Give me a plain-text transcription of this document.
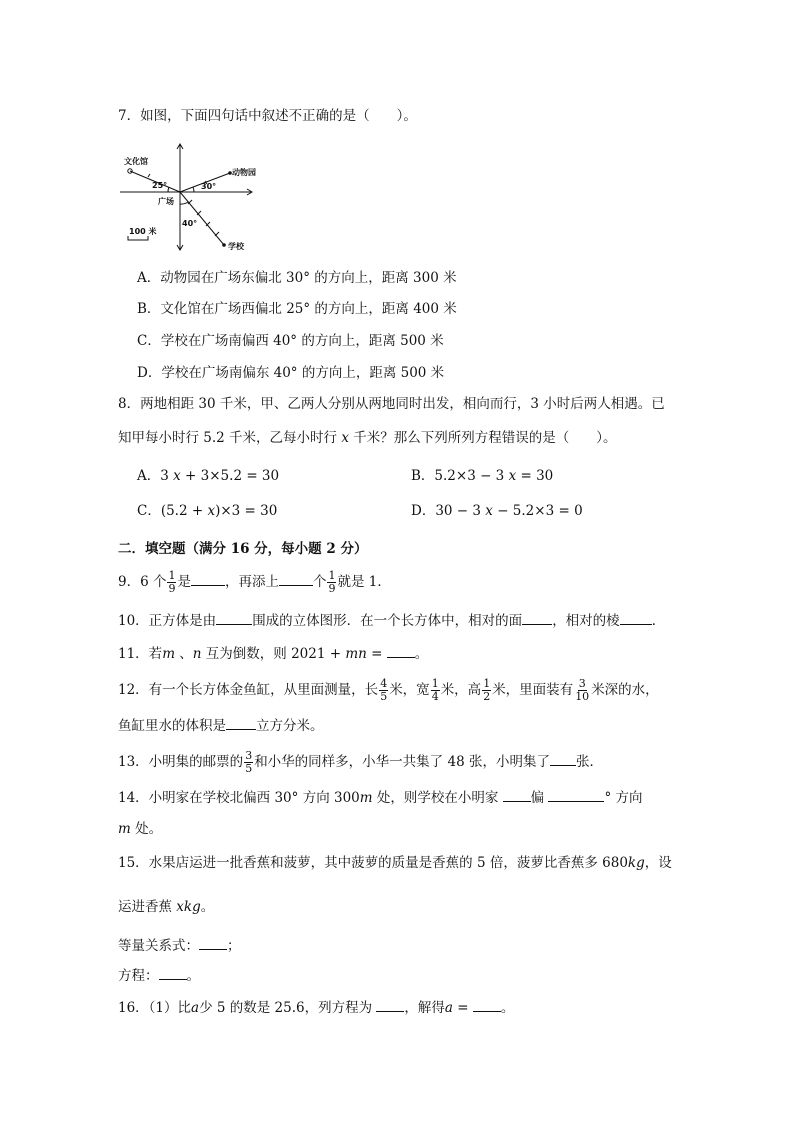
7．如图，下面四句话中叙述不正确的是（　　）。
文化馆
动物园
广场
学校
25°	30°
40°
100 米
A．动物园在广场东偏北 30° 的方向上，距离 300 米
B．文化馆在广场西偏北 25° 的方向上，距离 400 米
C．学校在广场南偏西 40° 的方向上，距离 500 米
D．学校在广场南偏东 40° 的方向上，距离 500 米
8．两地相距 30 千米，甲、乙两人分别从两地同时出发，相向而行，3 小时后两人相遇。已
知甲每小时行 5.2 千米，乙每小时行 x 千米？那么下列所列方程错误的是（　　）。
A．3 x + 3×5.2 = 30	B．5.2×3 − 3 x = 30
C．(5.2 + x)×3 = 30	D．30 − 3 x − 5.2×3 = 0
二．填空题（满分 16 分，每小题 2 分）
9．6 个 $\frac{1}{9}$ 是	，再添上	个 $\frac{1}{9}$ 就是 1．
10．正方体是由	围成的立体图形．在一个长方体中，相对的面 ，相对的棱 ．
11．若m 、n 互为倒数，则 2021 + mn = 。
12．有一个长方体金鱼缸，从里面测量，长 $\frac{4}{5}$ 米，宽 $\frac{1}{4}$ 米，高 $\frac{1}{2}$ 米，里面装有 $\frac{3}{10}$ 米深的水，
鱼缸里水的体积是 立方分米。
13．小明集的邮票的 $\frac{3}{5}$ 和小华的同样多，小华一共集了 48 张，小明集了 张．
14．小明家在学校北偏西 30° 方向 300m 处，则学校在小明家 偏	° 方向
m 处。
15．水果店运进一批香蕉和菠萝，其中菠萝的质量是香蕉的 5 倍，菠萝比香蕉多 680kg，设
运进香蕉 xkg。
等量关系式： ；
方程： 。
16．（1）比a少 5 的数是 25.6，列方程为 ，解得a = 。
